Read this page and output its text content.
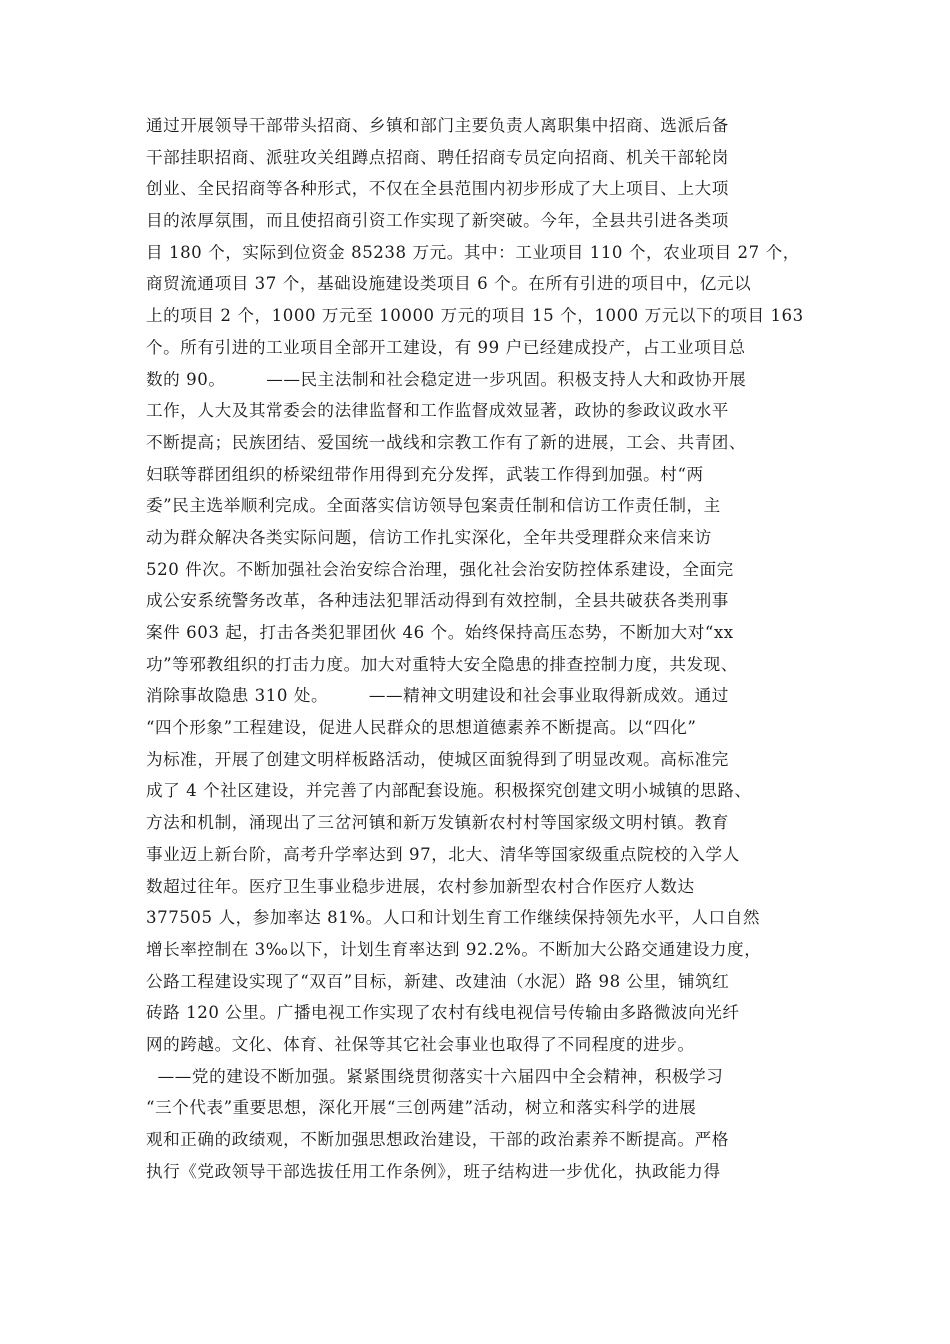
通过开展领导干部带头招商、乡镇和部门主要负责人离职集中招商、选派后备
干部挂职招商、派驻攻关组蹲点招商、聘任招商专员定向招商、机关干部轮岗
创业、全民招商等各种形式，不仅在全县范围内初步形成了大上项目、上大项
目的浓厚氛围，而且使招商引资工作实现了新突破。今年，全县共引进各类项
目 180 个，实际到位资金 85238 万元。其中：工业项目 110 个，农业项目 27 个，
商贸流通项目 37 个，基础设施建设类项目 6 个。在所有引进的项目中，亿元以
上的项目 2 个，1000 万元至 10000 万元的项目 15 个，1000 万元以下的项目 163
个。所有引进的工业项目全部开工建设，有 99 户已经建成投产，占工业项目总
数的 90。       ——民主法制和社会稳定进一步巩固。积极支持人大和政协开展
工作，人大及其常委会的法律监督和工作监督成效显著，政协的参政议政水平
不断提高；民族团结、爱国统一战线和宗教工作有了新的进展，工会、共青团、
妇联等群团组织的桥梁纽带作用得到充分发挥，武装工作得到加强。村“两
委”民主选举顺利完成。全面落实信访领导包案责任制和信访工作责任制，主
动为群众解决各类实际问题，信访工作扎实深化，全年共受理群众来信来访
520 件次。不断加强社会治安综合治理，强化社会治安防控体系建设，全面完
成公安系统警务改革，各种违法犯罪活动得到有效控制，全县共破获各类刑事
案件 603 起，打击各类犯罪团伙 46 个。始终保持高压态势，不断加大对“xx
功”等邪教组织的打击力度。加大对重特大安全隐患的排查控制力度，共发现、
消除事故隐患 310 处。       ——精神文明建设和社会事业取得新成效。通过
“四个形象”工程建设，促进人民群众的思想道德素养不断提高。以“四化”
为标准，开展了创建文明样板路活动，使城区面貌得到了明显改观。高标准完
成了 4 个社区建设，并完善了内部配套设施。积极探究创建文明小城镇的思路、
方法和机制，涌现出了三岔河镇和新万发镇新农村村等国家级文明村镇。教育
事业迈上新台阶，高考升学率达到 97，北大、清华等国家级重点院校的入学人
数超过往年。医疗卫生事业稳步进展，农村参加新型农村合作医疗人数达
377505 人，参加率达 81%。人口和计划生育工作继续保持领先水平，人口自然
增长率控制在 3‰以下，计划生育率达到 92.2%。不断加大公路交通建设力度，
公路工程建设实现了“双百”目标，新建、改建油（水泥）路 98 公里，铺筑红
砖路 120 公里。广播电视工作实现了农村有线电视信号传输由多路微波向光纤
网的跨越。文化、体育、社保等其它社会事业也取得了不同程度的进步。
——党的建设不断加强。紧紧围绕贯彻落实十六届四中全会精神，积极学习
“三个代表”重要思想，深化开展“三创两建”活动，树立和落实科学的进展
观和正确的政绩观，不断加强思想政治建设，干部的政治素养不断提高。严格
执行《党政领导干部选拔任用工作条例》，班子结构进一步优化，执政能力得
